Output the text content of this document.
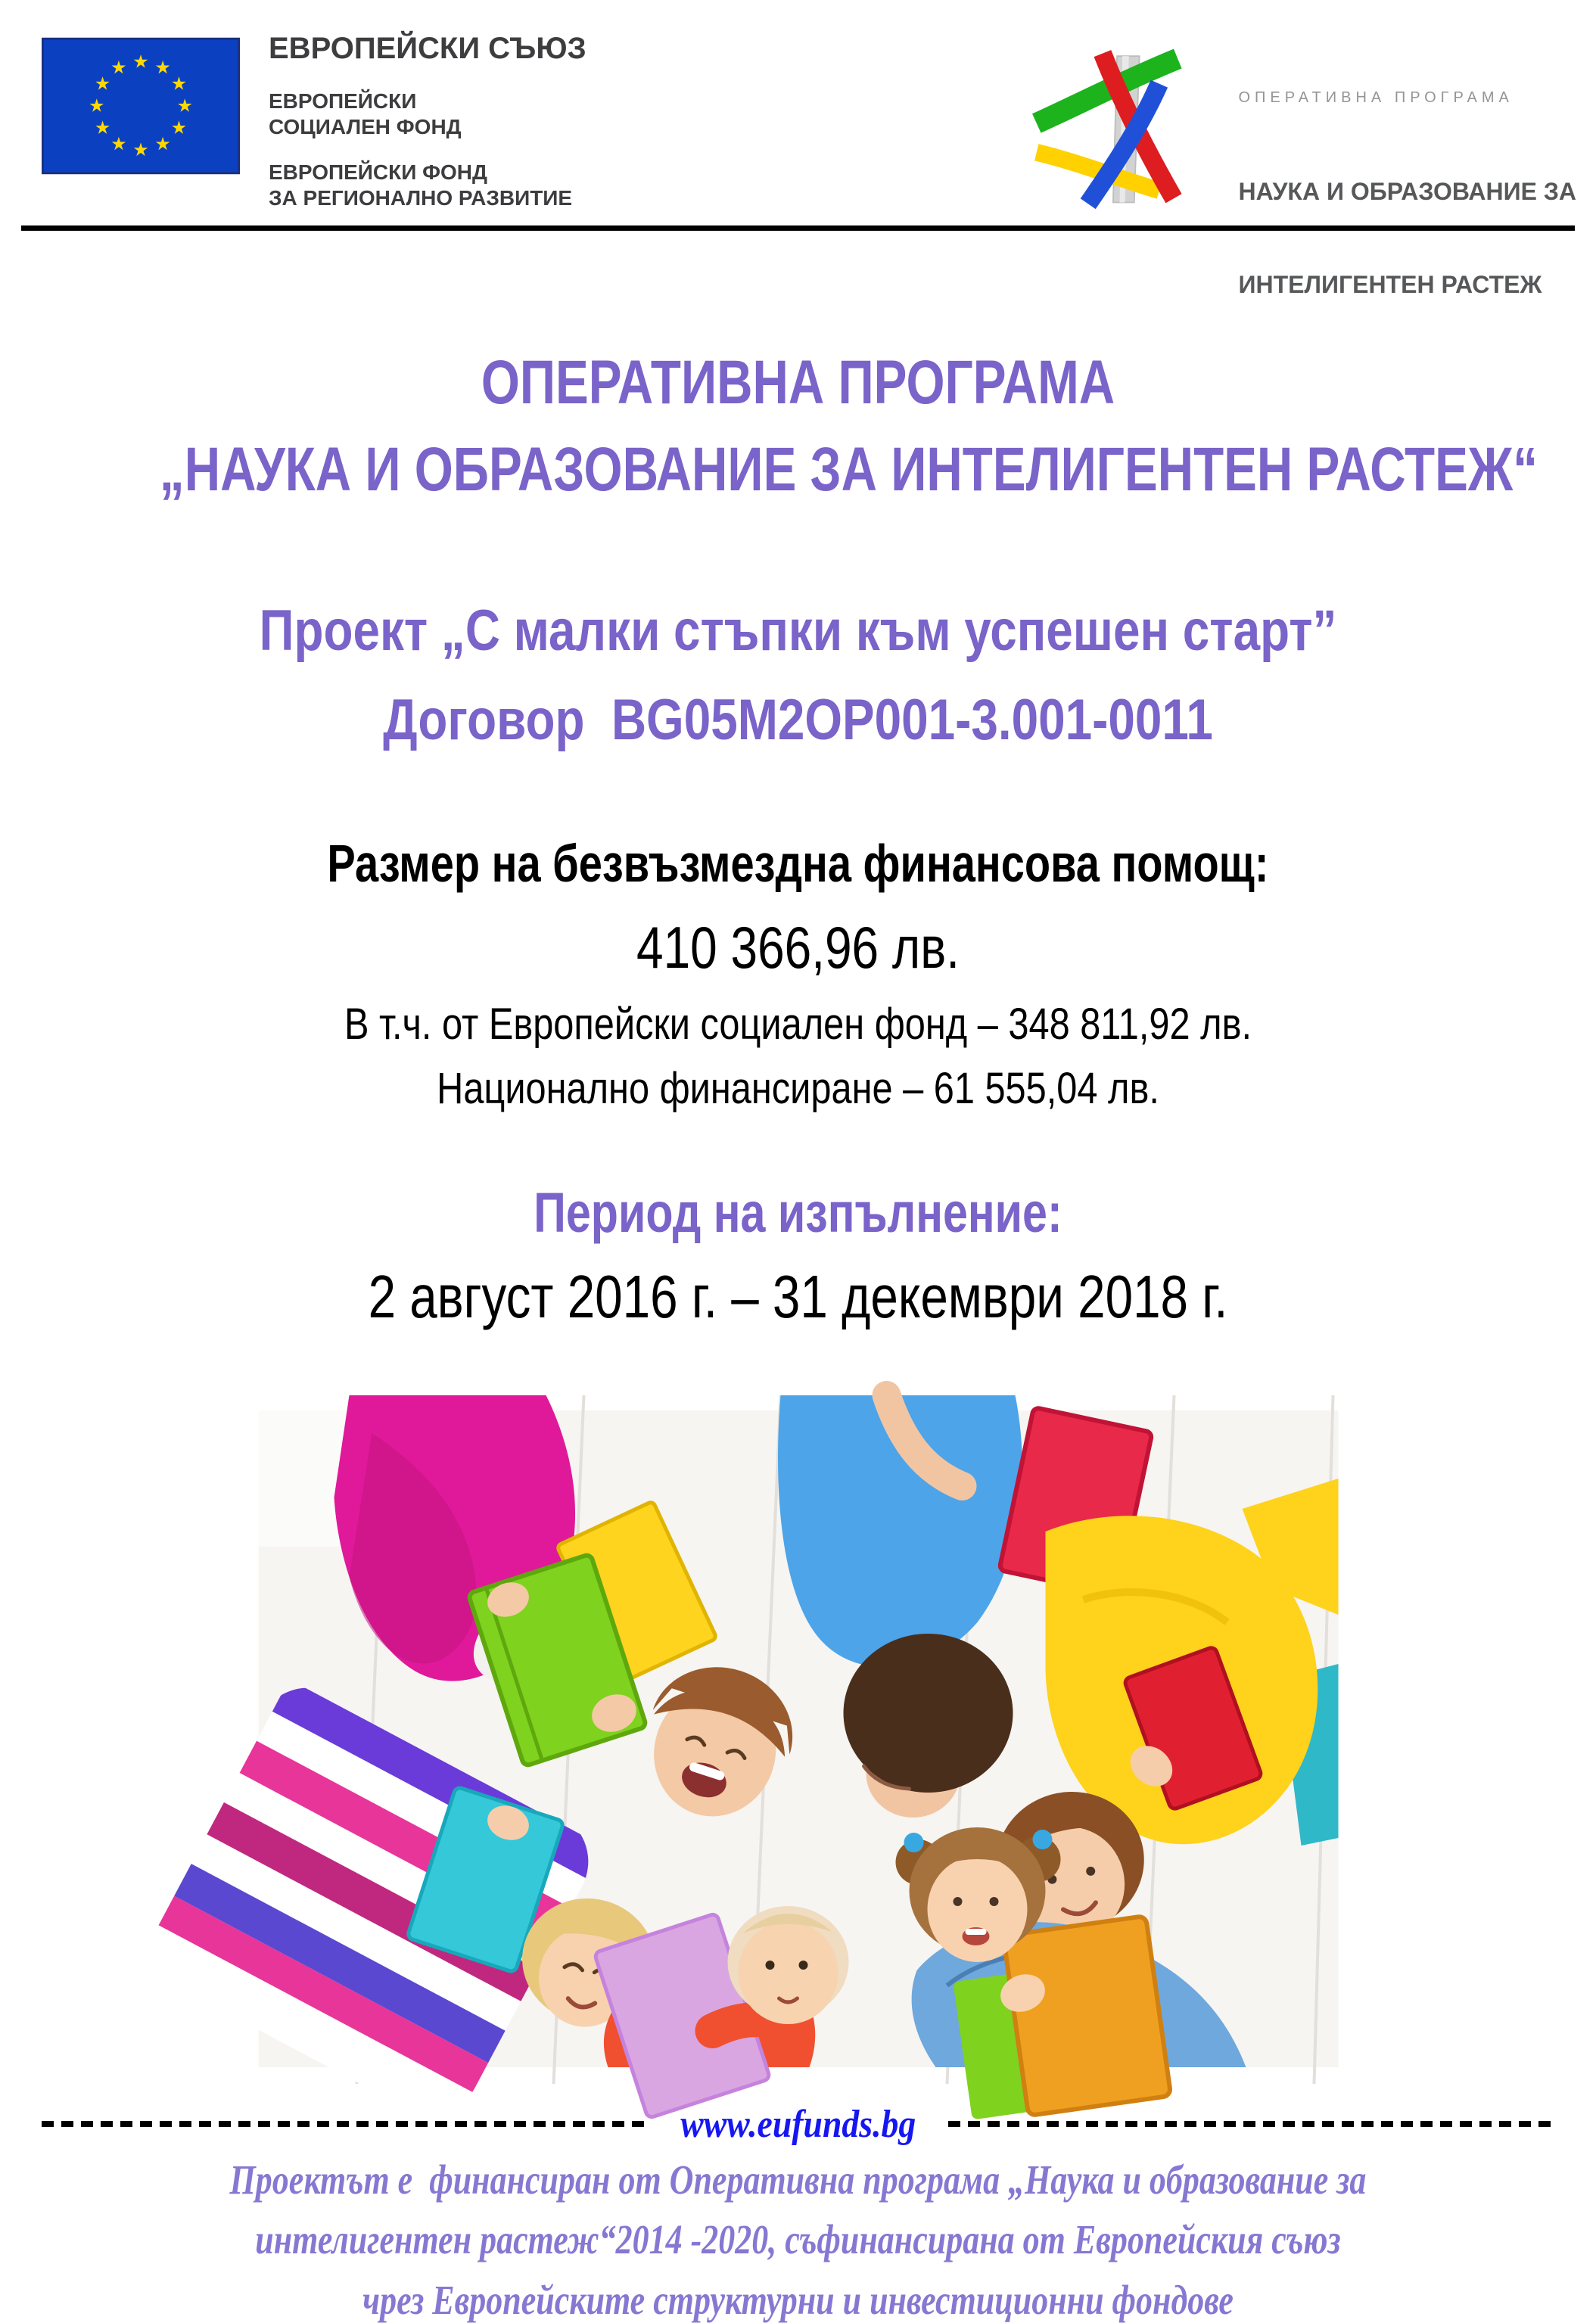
ЕВРОПЕЙСКИ СЪЮЗ
ЕВРОПЕЙСКИ
СОЦИАЛЕН ФОНД
ЕВРОПЕЙСКИ ФОНД
ЗА РЕГИОНАЛНО РАЗВИТИЕ
ОПЕРАТИВНА ПРОГРАМА

НАУКА И ОБРАЗОВАНИЕ ЗА

ИНТЕЛИГЕНТЕН РАСТЕЖ

ОПЕРАТИВНА ПРОГРАМА
„НАУКА И ОБРАЗОВАНИЕ ЗА ИНТЕЛИГЕНТЕН РАСТЕЖ“
Проект „С малки стъпки към успешен старт”
Договор  BG05M2OP001-3.001-0011
Размер на безвъзмездна финансова помощ:
410 366,96 лв.
В т.ч. от Европейски социален фонд – 348 811,92 лв.
Национално финансиране – 61 555,04 лв.
Период на изпълнение:
2 август 2016 г. – 31 декември 2018 г.
www.eufunds.bg
Проектът е  финансиран от Оперативна програма „Наука и образование за
интелигентен растеж“2014 -2020, съфинансирана от Европейския съюз
чрез Европейските структурни и инвестиционни фондове
